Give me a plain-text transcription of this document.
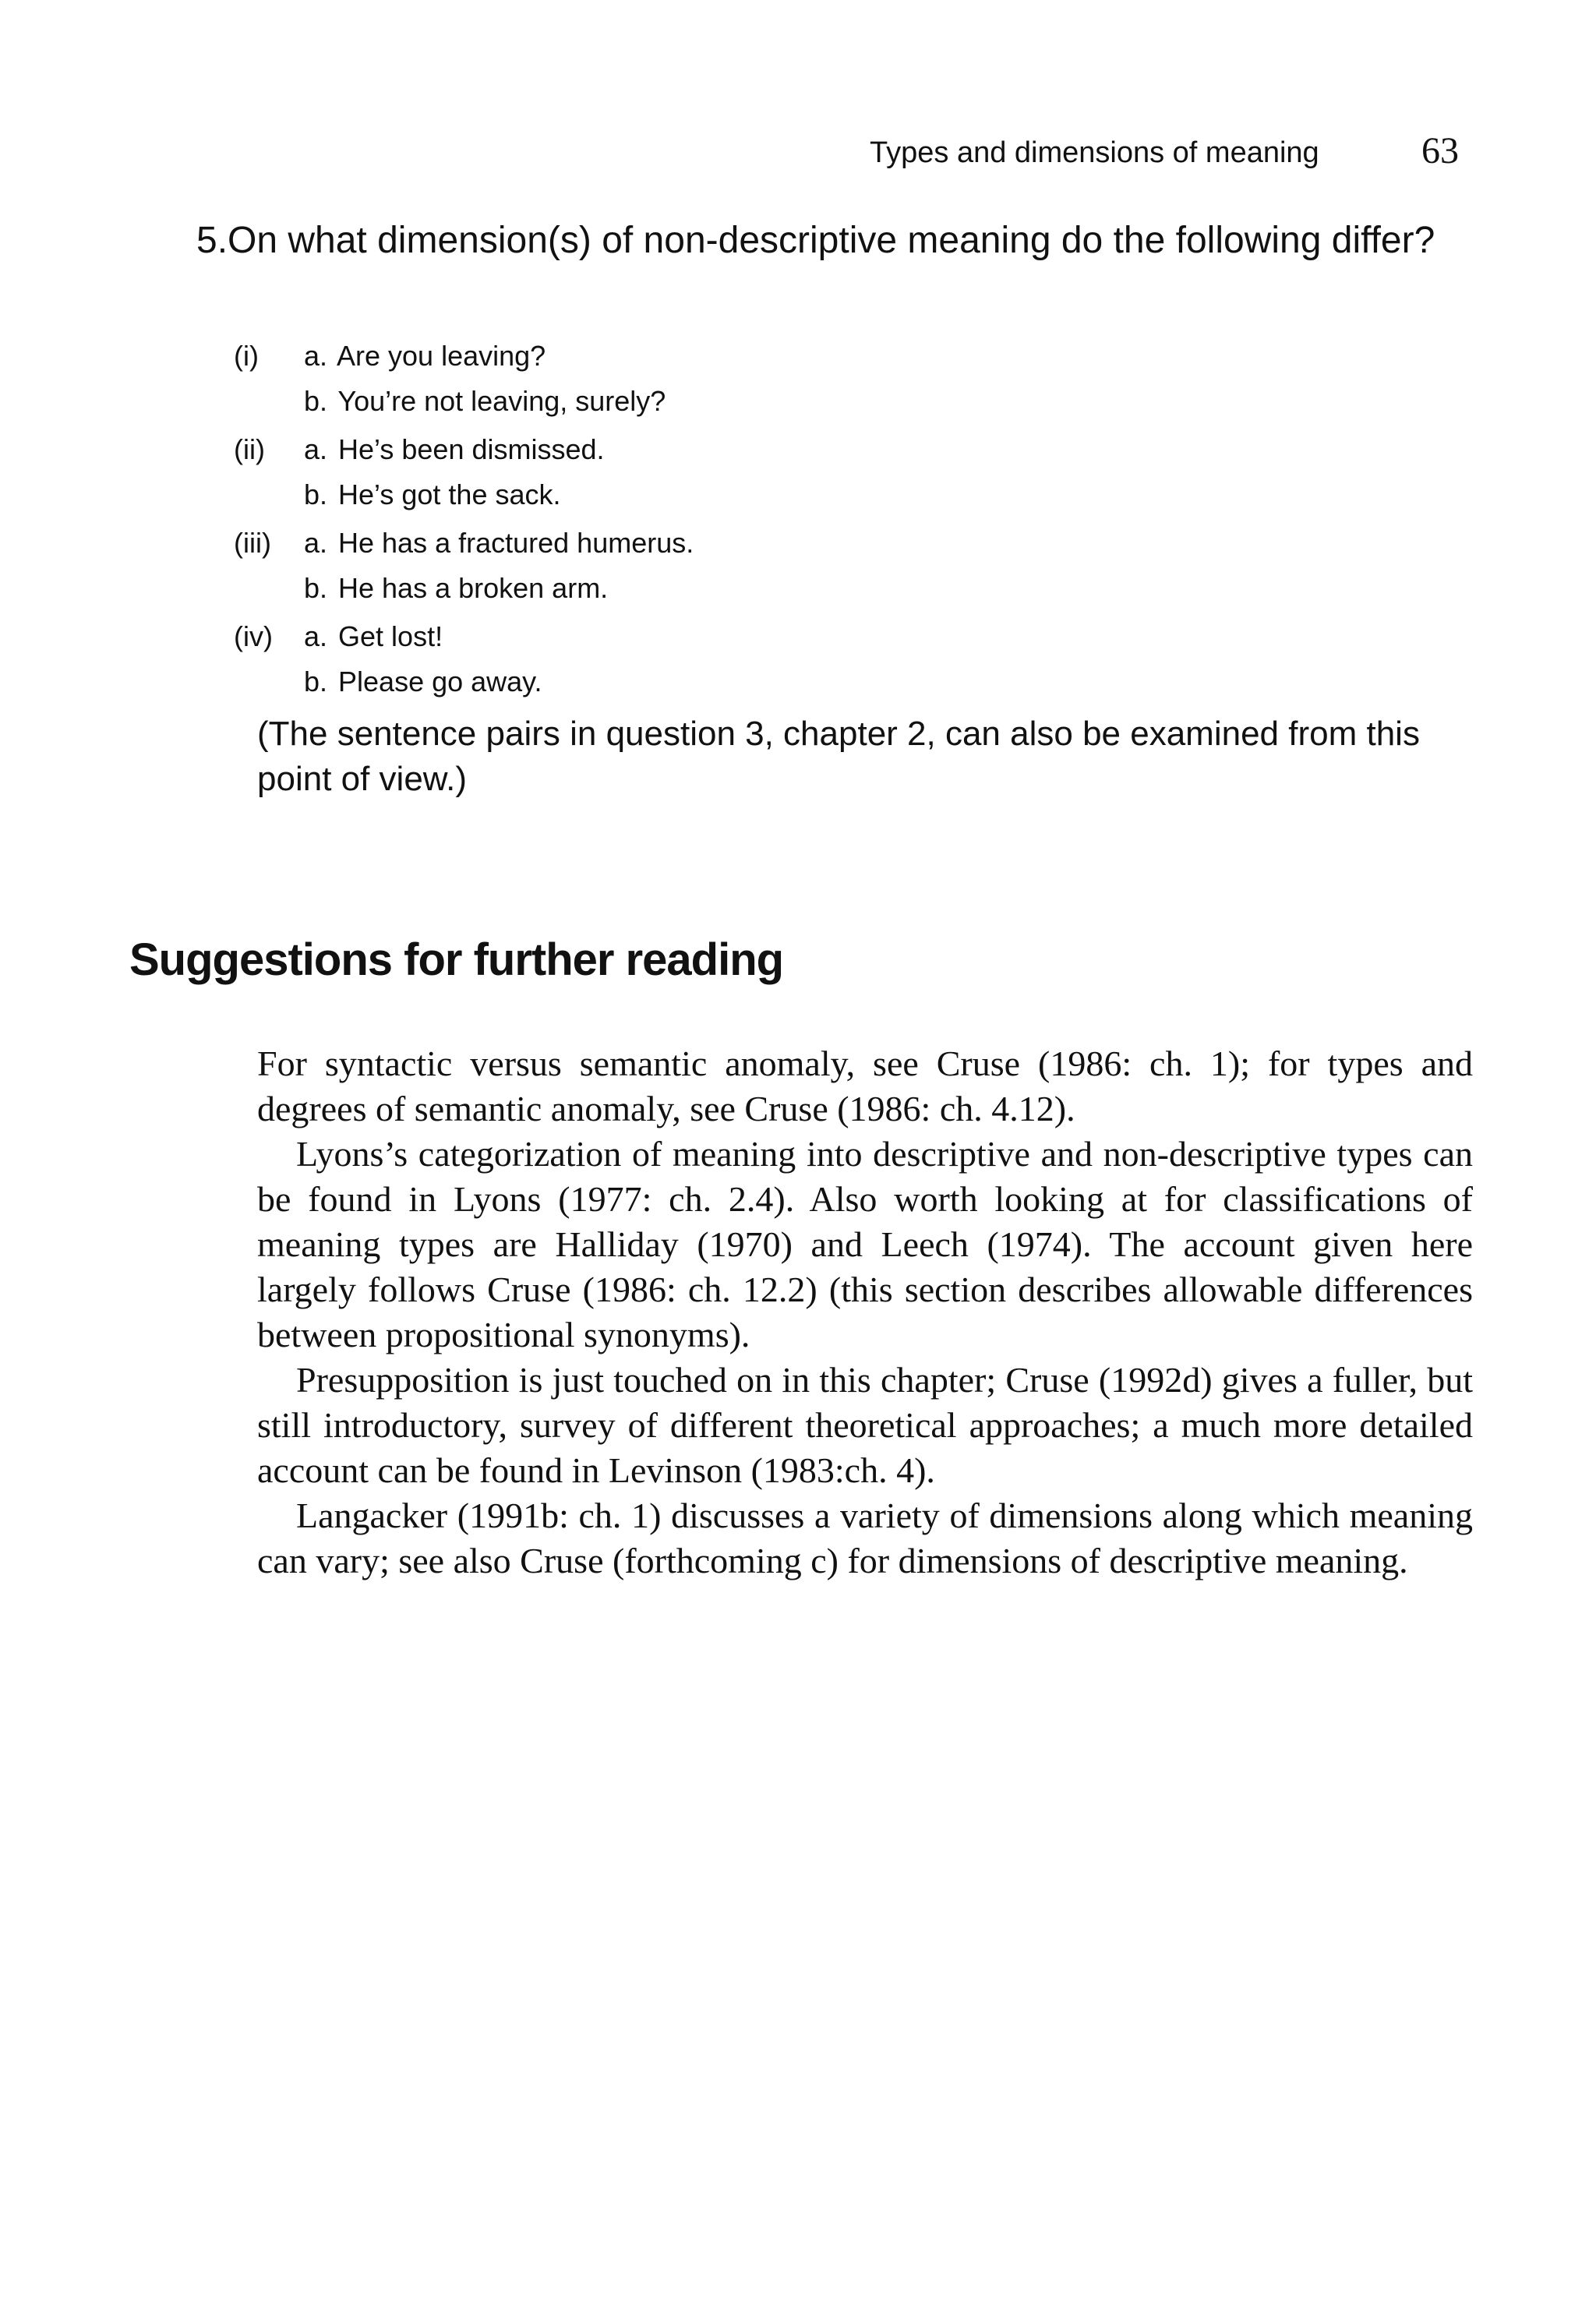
Types and dimensions of meaning	63
5. On what dimension(s) of non-descriptive meaning do the following differ?
(i) a. Are you leaving?
b. You’re not leaving, surely?
(ii) a. He’s been dismissed.
b. He’s got the sack.
(iii) a. He has a fractured humerus.
b. He has a broken arm.
(iv) a. Get lost!
b. Please go away.
(The sentence pairs in question 3, chapter 2, can also be examined from this point of view.)
Suggestions for further reading

For syntactic versus semantic anomaly, see Cruse (1986: ch. 1); for types and degrees of semantic anomaly, see Cruse (1986: ch. 4.12).

Lyons’s categorization of meaning into descriptive and non-descriptive types can be found in Lyons (1977: ch. 2.4). Also worth looking at for classifications of meaning types are Halliday (1970) and Leech (1974). The account given here largely follows Cruse (1986: ch. 12.2) (this section describes allowable differences between propositional synonyms).

Presupposition is just touched on in this chapter; Cruse (1992d) gives a fuller, but still introductory, survey of different theoretical approaches; a much more detailed account can be found in Levinson (1983:ch. 4).

Langacker (1991b: ch. 1) discusses a variety of dimensions along which meaning can vary; see also Cruse (forthcoming c) for dimensions of descriptive meaning.
